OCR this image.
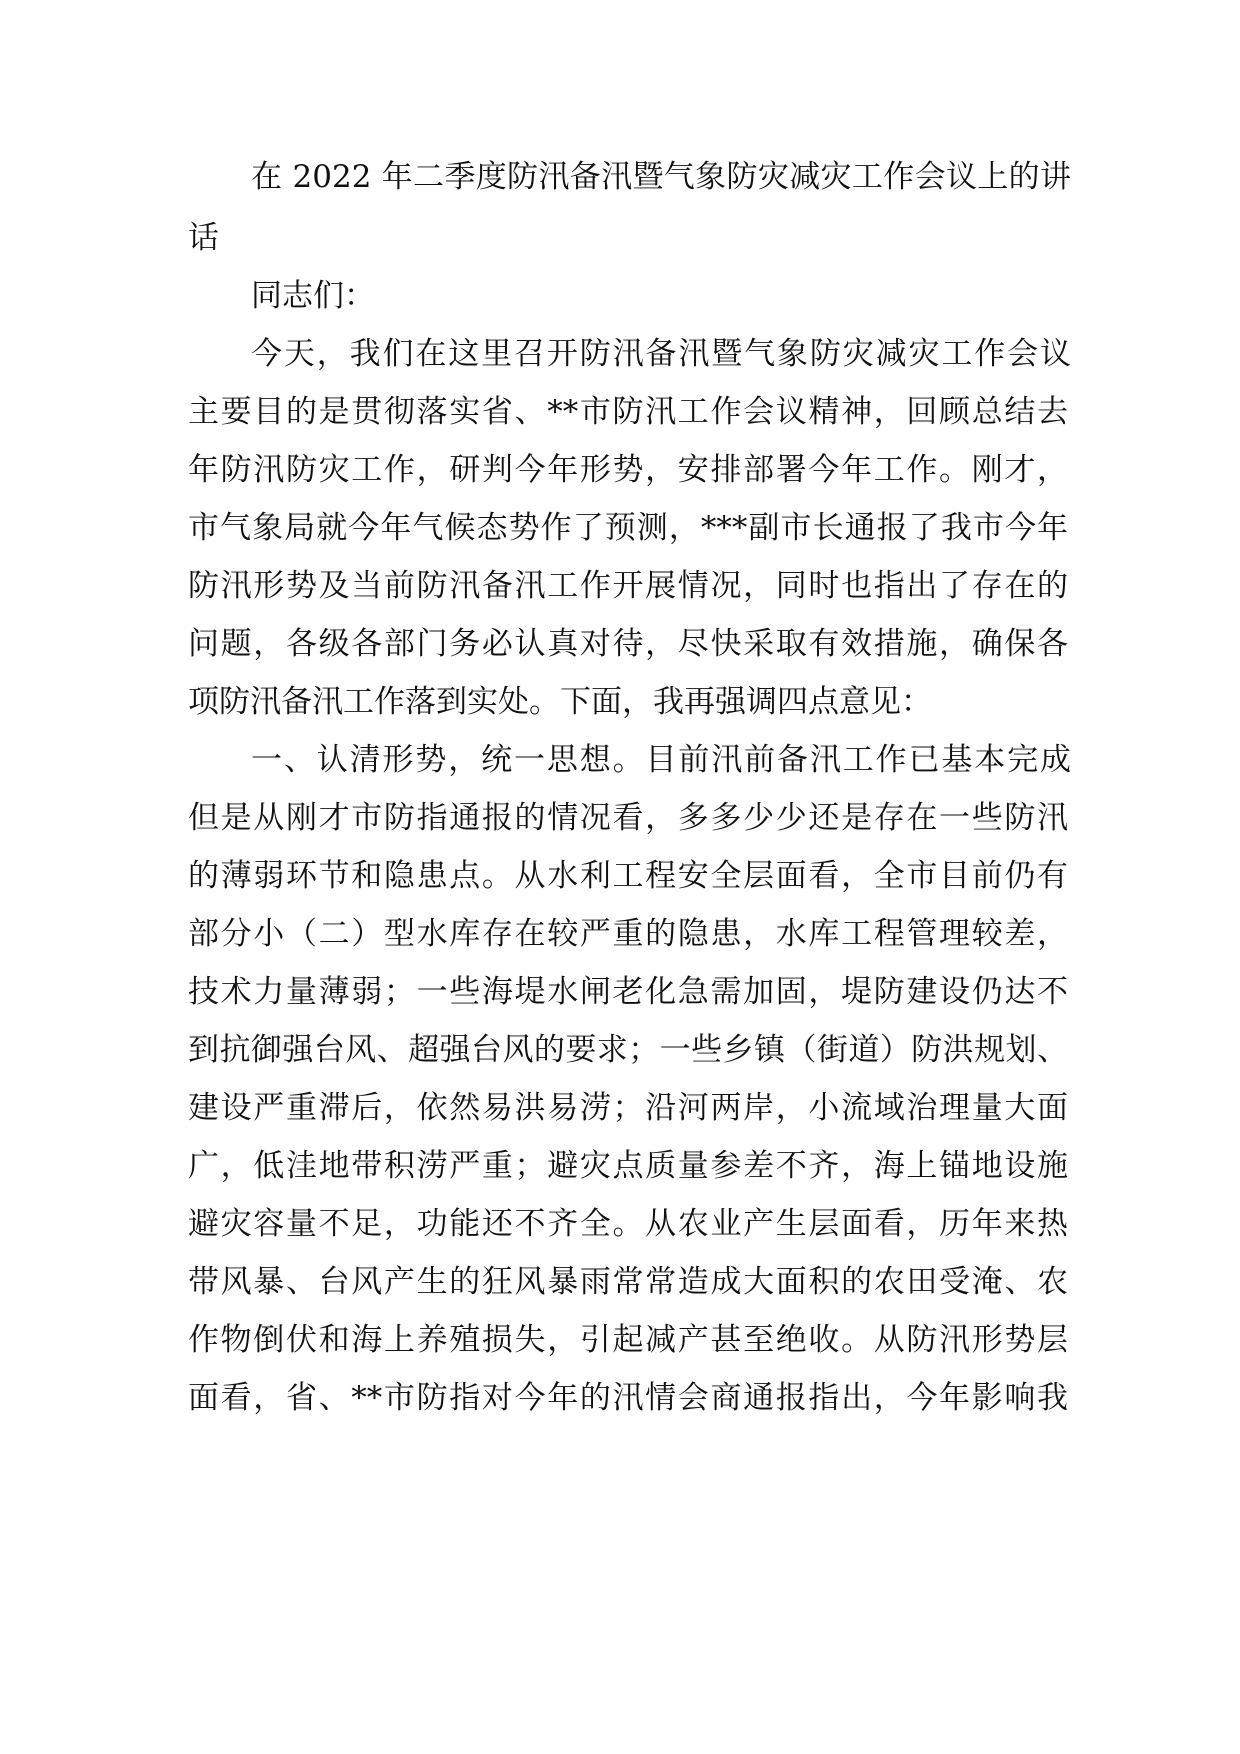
在 2022 年二季度防汛备汛暨气象防灾减灾工作会议上的讲
话
同志们：
今天，我们在这里召开防汛备汛暨气象防灾减灾工作会议
主要目的是贯彻落实省、**市防汛工作会议精神，回顾总结去
年防汛防灾工作，研判今年形势，安排部署今年工作。刚才，
市气象局就今年气候态势作了预测，***副市长通报了我市今年
防汛形势及当前防汛备汛工作开展情况，同时也指出了存在的
问题，各级各部门务必认真对待，尽快采取有效措施，确保各
项防汛备汛工作落到实处。下面，我再强调四点意见：
一、认清形势，统一思想。目前汛前备汛工作已基本完成
但是从刚才市防指通报的情况看，多多少少还是存在一些防汛
的薄弱环节和隐患点。从水利工程安全层面看，全市目前仍有
部分小（二）型水库存在较严重的隐患，水库工程管理较差，
技术力量薄弱；一些海堤水闸老化急需加固，堤防建设仍达不
到抗御强台风、超强台风的要求；一些乡镇（街道）防洪规划、
建设严重滞后，依然易洪易涝；沿河两岸，小流域治理量大面
广，低洼地带积涝严重；避灾点质量参差不齐，海上锚地设施
避灾容量不足，功能还不齐全。从农业产生层面看，历年来热
带风暴、台风产生的狂风暴雨常常造成大面积的农田受淹、农
作物倒伏和海上养殖损失，引起减产甚至绝收。从防汛形势层
面看，省、**市防指对今年的汛情会商通报指出，今年影响我
